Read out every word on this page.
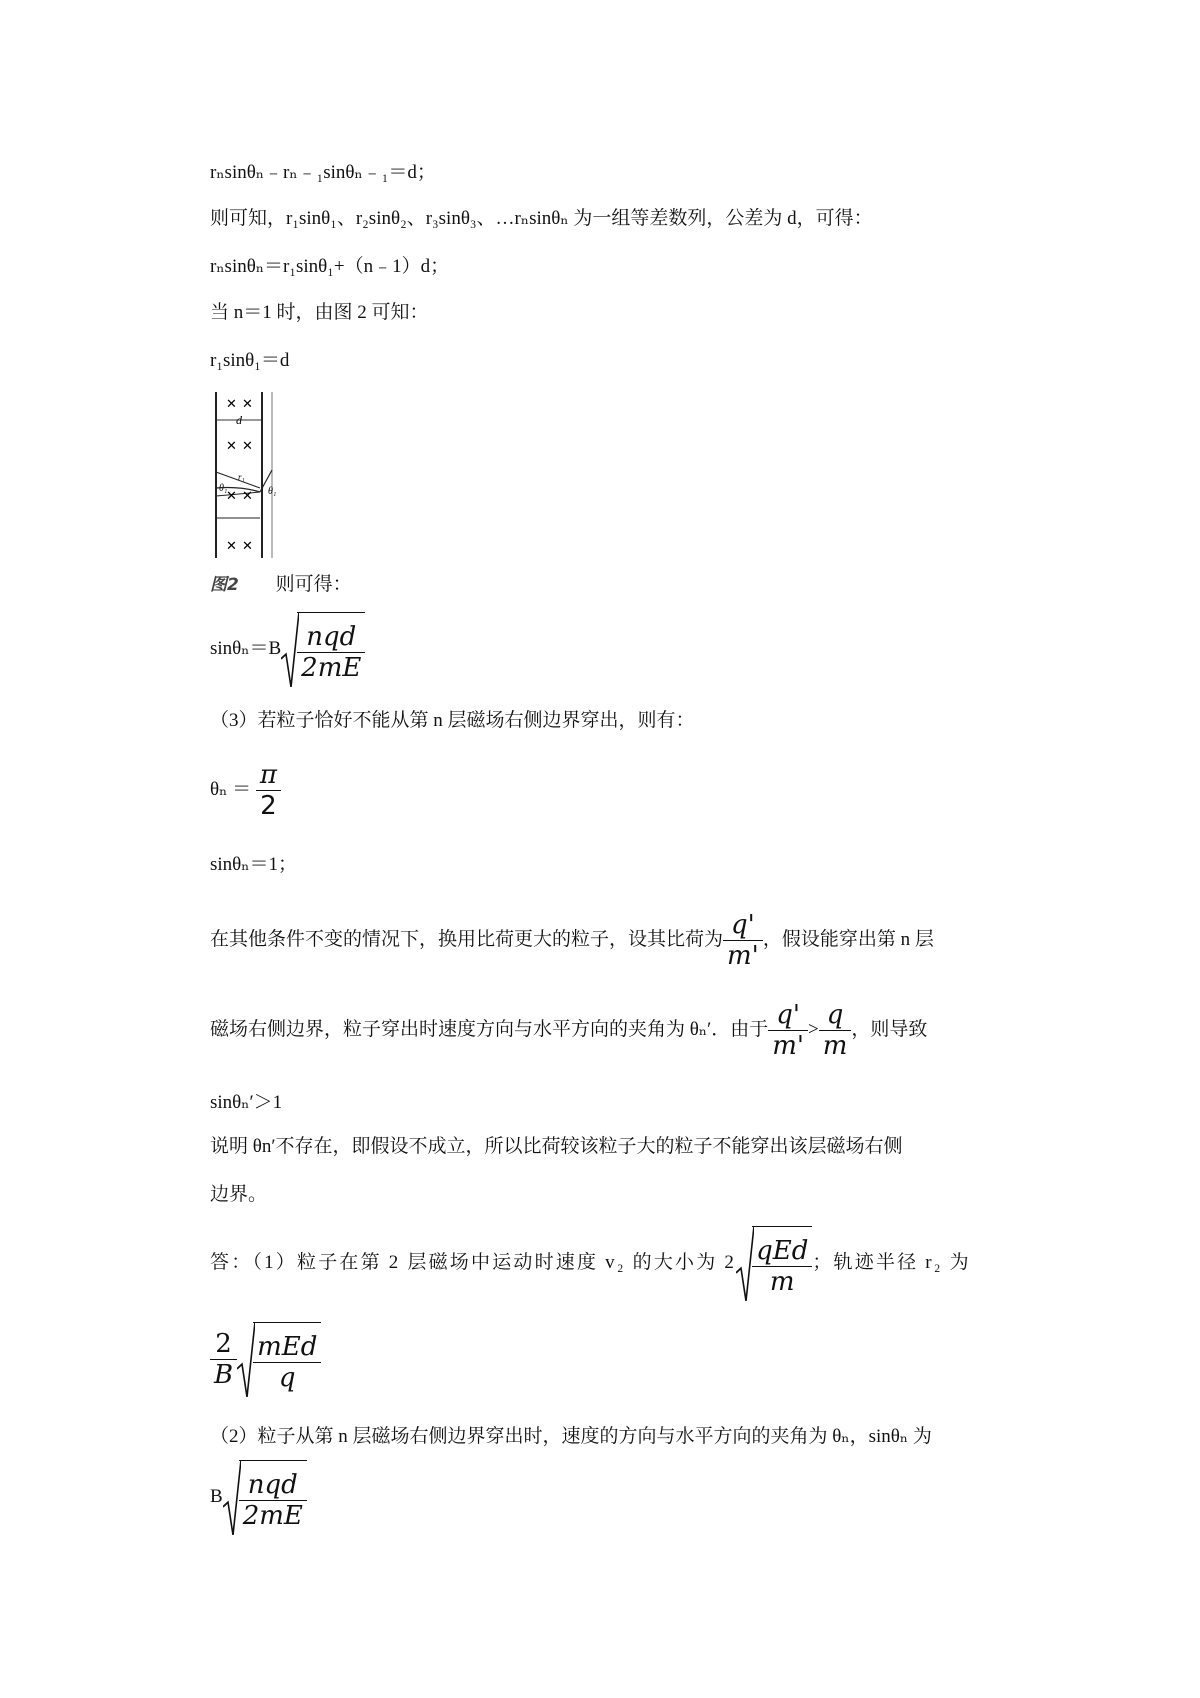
rₙsinθₙ﹣rₙ﹣₁sinθₙ﹣₁＝d；
则可知，r₁sinθ₁、r₂sinθ₂、r₃sinθ₃、…rₙsinθₙ 为一组等差数列，公差为 d，可得：
rₙsinθₙ＝r₁sinθ₁+（n﹣1）d；
当 n＝1 时，由图 2 可知：
r₁sinθ₁＝d
✕ ✕
d
✕ ✕
r₁
θ₁
✕ ✕ θ₁
✕ ✕
图2 则可得：
$\sin\theta_n=B \frac{\text{nqd}}{2mE}$
（3）若粒子恰好不能从第 n 层磁场右侧边界穿出，则有：
$\theta_n = \frac{\pi}{2}$
sinθₙ＝1；
在其他条件不变的情况下，换用比荷更大的粒子，设其比荷为 $\frac{q'}{m'}$ ，假设能穿出第 n 层
磁场右侧边界，粒子穿出时速度方向与水平方向的夹角为 θₙ′．由于 $\frac{q'}{m'} > \frac{q}{m}$ ，则导致
sinθₙ′＞1
说明 θn′不存在，即假设不成立，所以比荷较该粒子大的粒子不能穿出该层磁场右侧
边界。
答：（1）粒子在第 2 层磁场中运动时速度 v₂ 的大小为 $2 \frac{\text{qEd}}{m}$ ；轨迹半径 r₂ 为
$\frac{2}{B} \frac{\text{mEd}}{q}$
（2）粒子从第 n 层磁场右侧边界穿出时，速度的方向与水平方向的夹角为 θₙ，sinθₙ 为
B $\frac{\text{nqd}}{2mE}$
